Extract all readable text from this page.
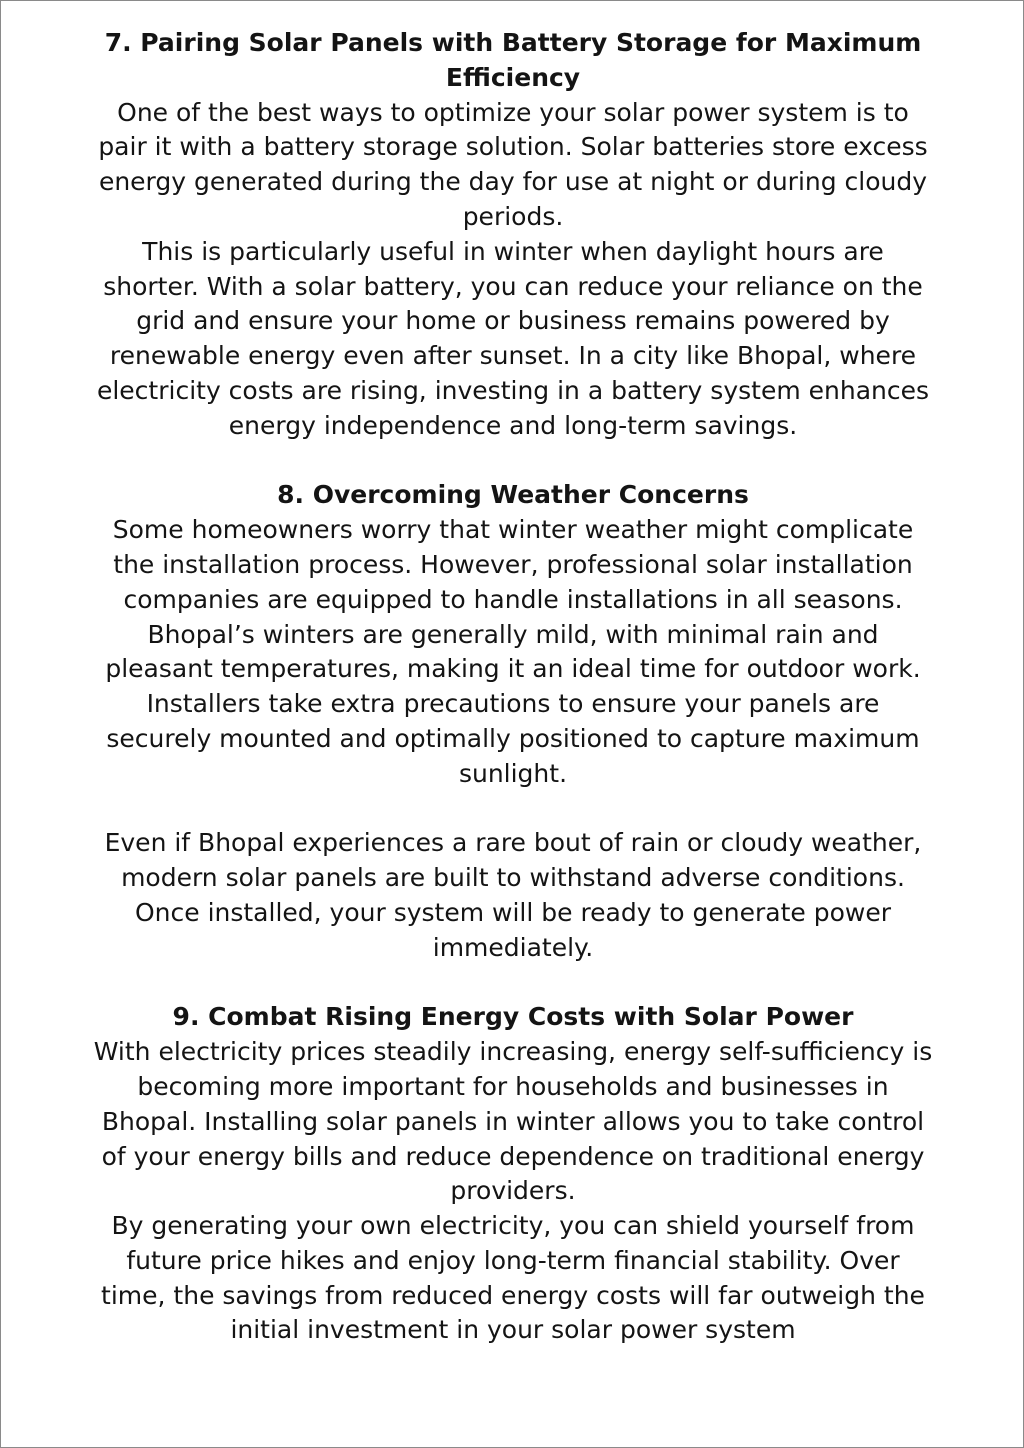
7. Pairing Solar Panels with Battery Storage for Maximum Efficiency

One of the best ways to optimize your solar power system is to pair it with a battery storage solution. Solar batteries store excess energy generated during the day for use at night or during cloudy periods.

This is particularly useful in winter when daylight hours are shorter. With a solar battery, you can reduce your reliance on the grid and ensure your home or business remains powered by renewable energy even after sunset. In a city like Bhopal, where electricity costs are rising, investing in a battery system enhances energy independence and long-term savings.

8. Overcoming Weather Concerns

Some homeowners worry that winter weather might complicate the installation process. However, professional solar installation companies are equipped to handle installations in all seasons.

Bhopal’s winters are generally mild, with minimal rain and pleasant temperatures, making it an ideal time for outdoor work. Installers take extra precautions to ensure your panels are securely mounted and optimally positioned to capture maximum sunlight.

Even if Bhopal experiences a rare bout of rain or cloudy weather, modern solar panels are built to withstand adverse conditions. Once installed, your system will be ready to generate power immediately.

9. Combat Rising Energy Costs with Solar Power

With electricity prices steadily increasing, energy self-sufficiency is becoming more important for households and businesses in Bhopal. Installing solar panels in winter allows you to take control of your energy bills and reduce dependence on traditional energy providers.

By generating your own electricity, you can shield yourself from future price hikes and enjoy long-term financial stability. Over time, the savings from reduced energy costs will far outweigh the initial investment in your solar power system
